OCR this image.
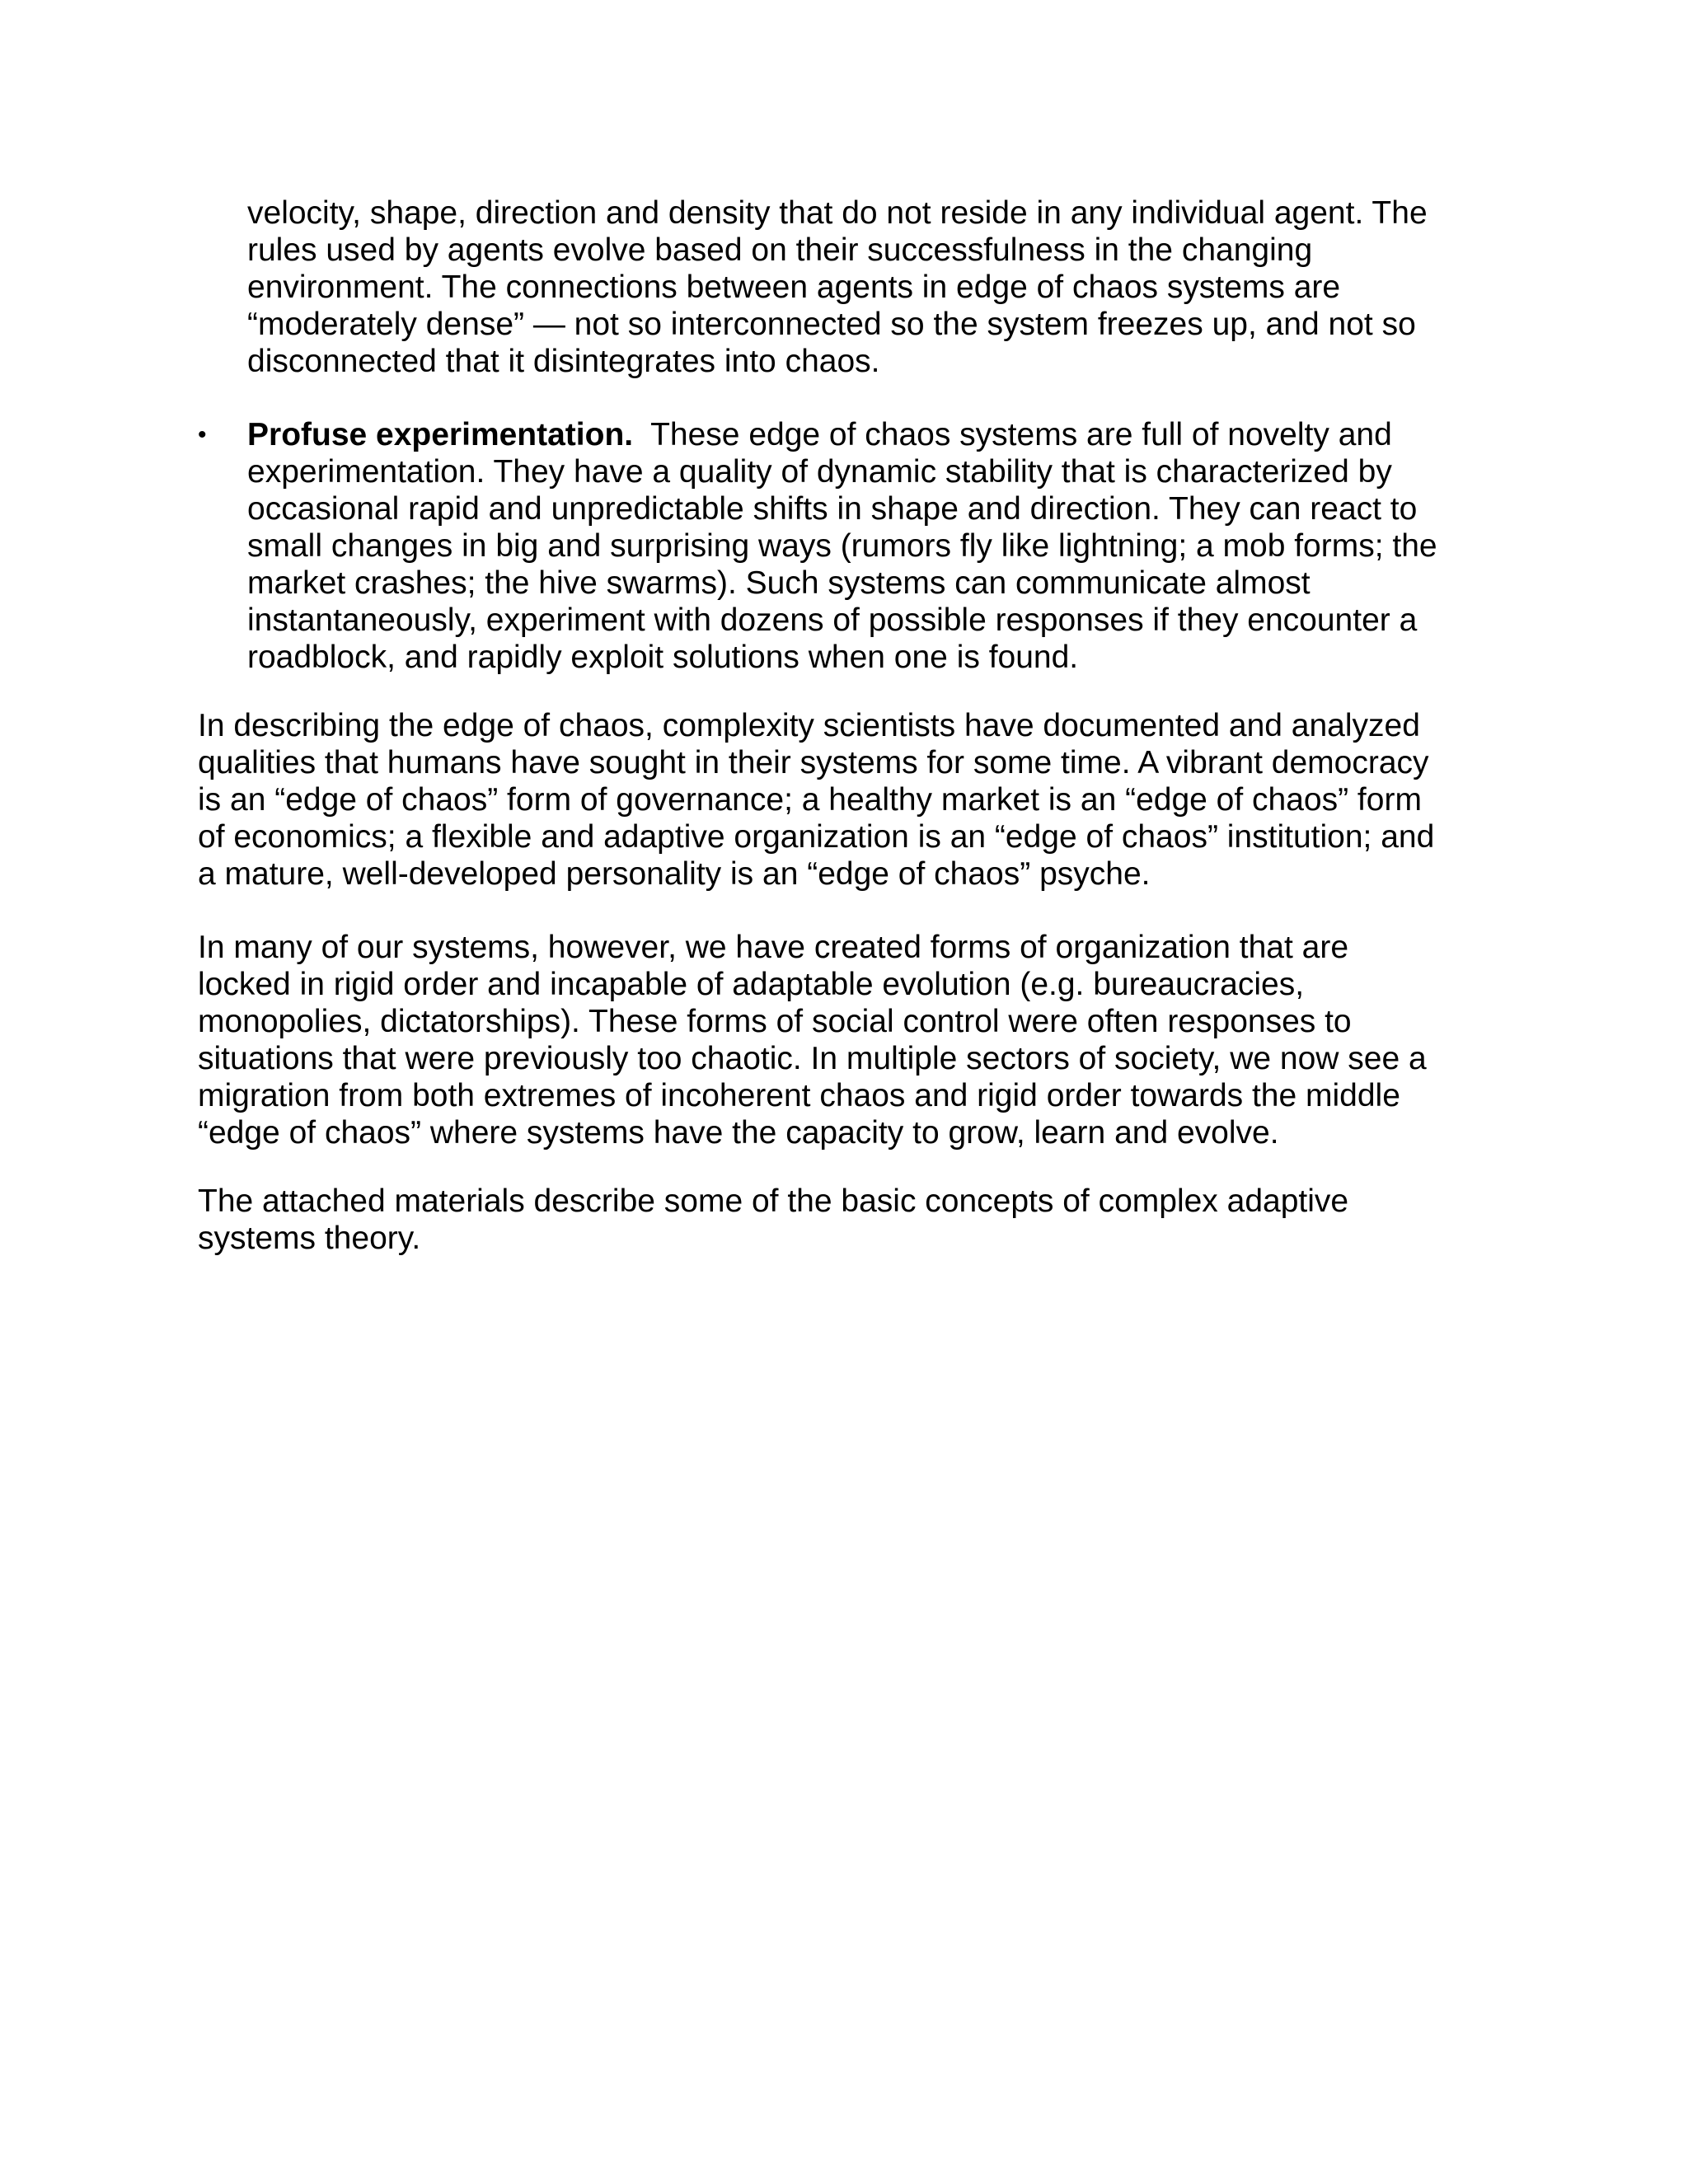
velocity, shape, direction and density that do not reside in any individual agent. The
rules used by agents evolve based on their successfulness in the changing
environment. The connections between agents in edge of chaos systems are
“moderately dense” — not so interconnected so the system freezes up, and not so
disconnected that it disintegrates into chaos.
• Profuse experimentation.  These edge of chaos systems are full of novelty and
experimentation. They have a quality of dynamic stability that is characterized by
occasional rapid and unpredictable shifts in shape and direction. They can react to
small changes in big and surprising ways (rumors fly like lightning; a mob forms; the
market crashes; the hive swarms). Such systems can communicate almost
instantaneously, experiment with dozens of possible responses if they encounter a
roadblock, and rapidly exploit solutions when one is found.
In describing the edge of chaos, complexity scientists have documented and analyzed
qualities that humans have sought in their systems for some time. A vibrant democracy
is an “edge of chaos” form of governance; a healthy market is an “edge of chaos” form
of economics; a flexible and adaptive organization is an “edge of chaos” institution; and
a mature, well-developed personality is an “edge of chaos” psyche.
In many of our systems, however, we have created forms of organization that are
locked in rigid order and incapable of adaptable evolution (e.g. bureaucracies,
monopolies, dictatorships). These forms of social control were often responses to
situations that were previously too chaotic. In multiple sectors of society, we now see a
migration from both extremes of incoherent chaos and rigid order towards the middle
“edge of chaos” where systems have the capacity to grow, learn and evolve.
The attached materials describe some of the basic concepts of complex adaptive
systems theory.
